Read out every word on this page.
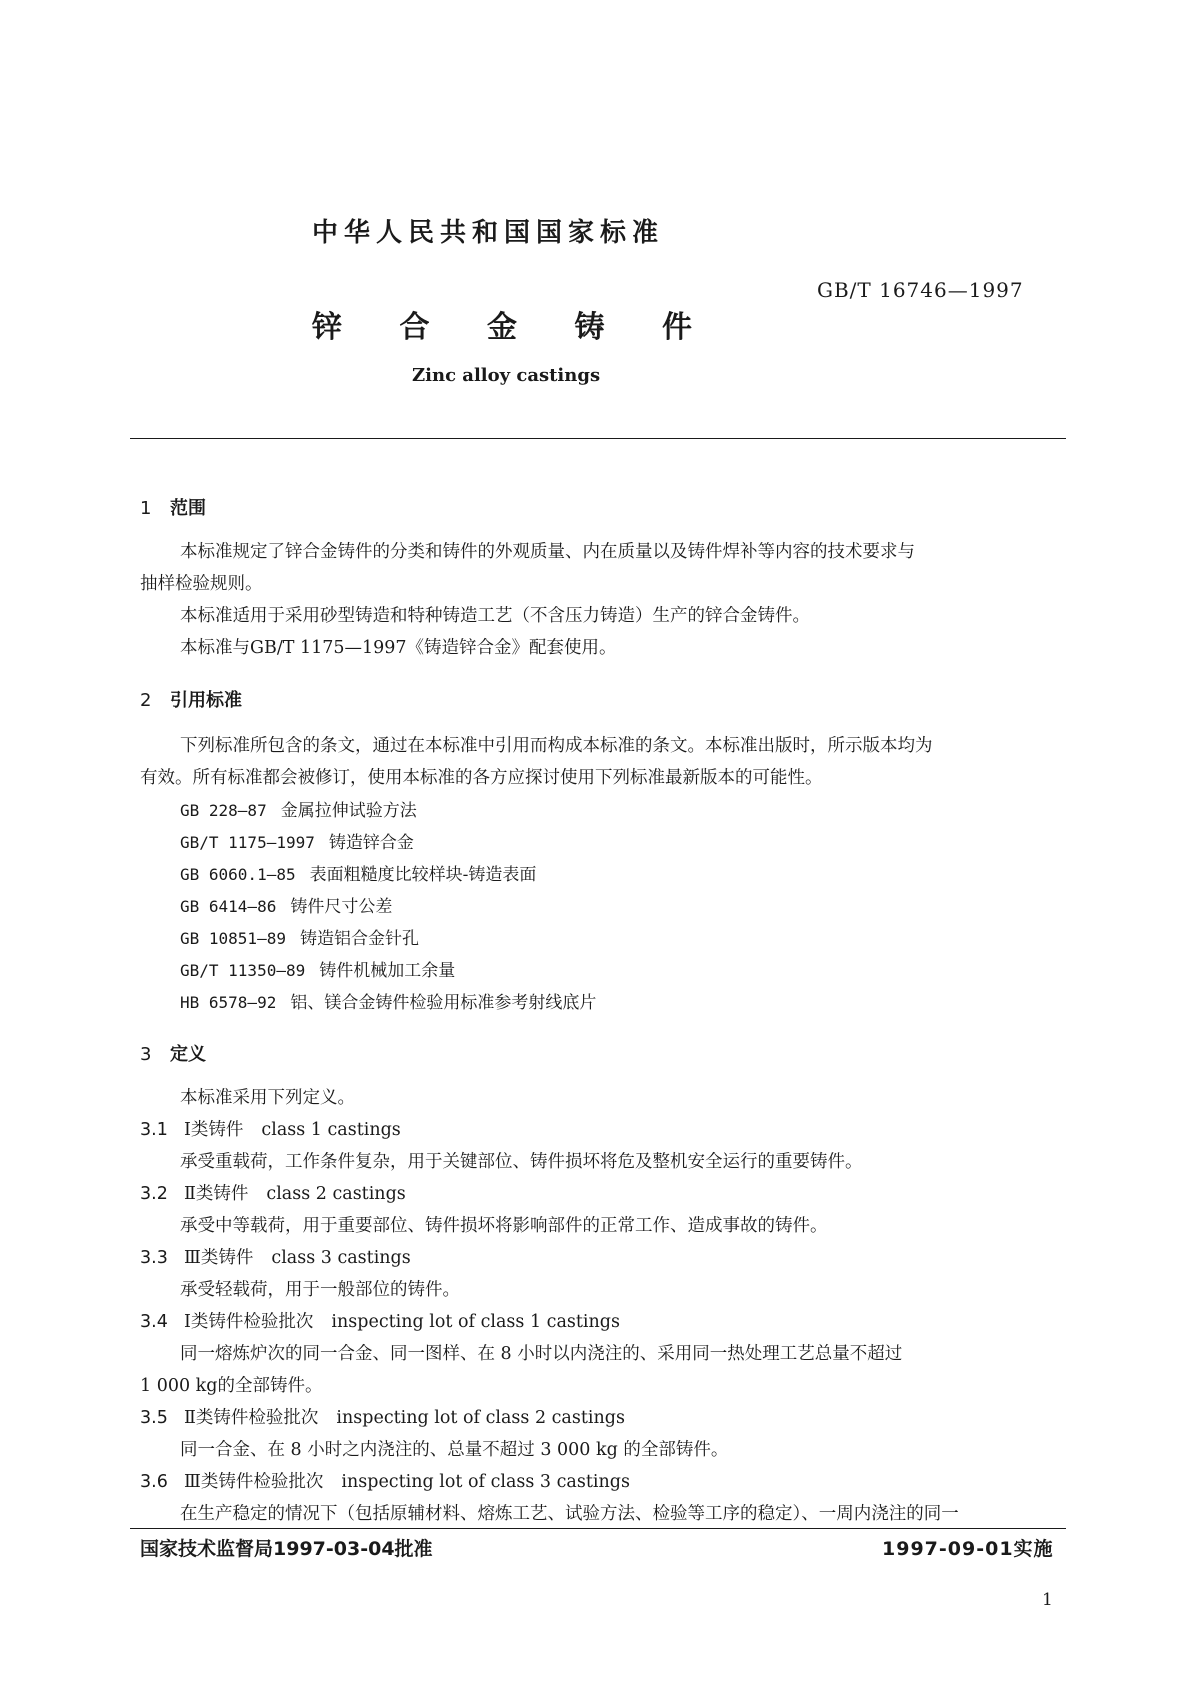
中华人民共和国国家标准
GB/T 16746—1997
锌 合 金 铸 件
Zinc alloy castings
1 范围
本标准规定了锌合金铸件的分类和铸件的外观质量、内在质量以及铸件焊补等内容的技术要求与
抽样检验规则。
本标准适用于采用砂型铸造和特种铸造工艺（不含压力铸造）生产的锌合金铸件。
本标准与GB/T 1175—1997《铸造锌合金》配套使用。
2 引用标准
下列标准所包含的条文，通过在本标准中引用而构成本标准的条文。本标准出版时，所示版本均为
有效。所有标准都会被修订，使用本标准的各方应探讨使用下列标准最新版本的可能性。
GB 228—87 金属拉伸试验方法
GB/T 1175—1997 铸造锌合金
GB 6060.1—85 表面粗糙度比较样块-铸造表面
GB 6414—86 铸件尺寸公差
GB 10851—89 铸造铝合金针孔
GB/T 11350—89 铸件机械加工余量
HB 6578—92 铝、镁合金铸件检验用标准参考射线底片
3 定义
本标准采用下列定义。
3.1 Ⅰ类铸件 class 1 castings
承受重载荷，工作条件复杂，用于关键部位、铸件损坏将危及整机安全运行的重要铸件。
3.2 Ⅱ类铸件 class 2 castings
承受中等载荷，用于重要部位、铸件损坏将影响部件的正常工作、造成事故的铸件。
3.3 Ⅲ类铸件 class 3 castings
承受轻载荷，用于一般部位的铸件。
3.4 Ⅰ类铸件检验批次 inspecting lot of class 1 castings
同一熔炼炉次的同一合金、同一图样、在 8 小时以内浇注的、采用同一热处理工艺总量不超过
1 000 kg的全部铸件。
3.5 Ⅱ类铸件检验批次 inspecting lot of class 2 castings
同一合金、在 8 小时之内浇注的、总量不超过 3 000 kg 的全部铸件。
3.6 Ⅲ类铸件检验批次 inspecting lot of class 3 castings
在生产稳定的情况下（包括原辅材料、熔炼工艺、试验方法、检验等工序的稳定）、一周内浇注的同一
国家技术监督局1997-03-04批准	1997-09-01实施
1
